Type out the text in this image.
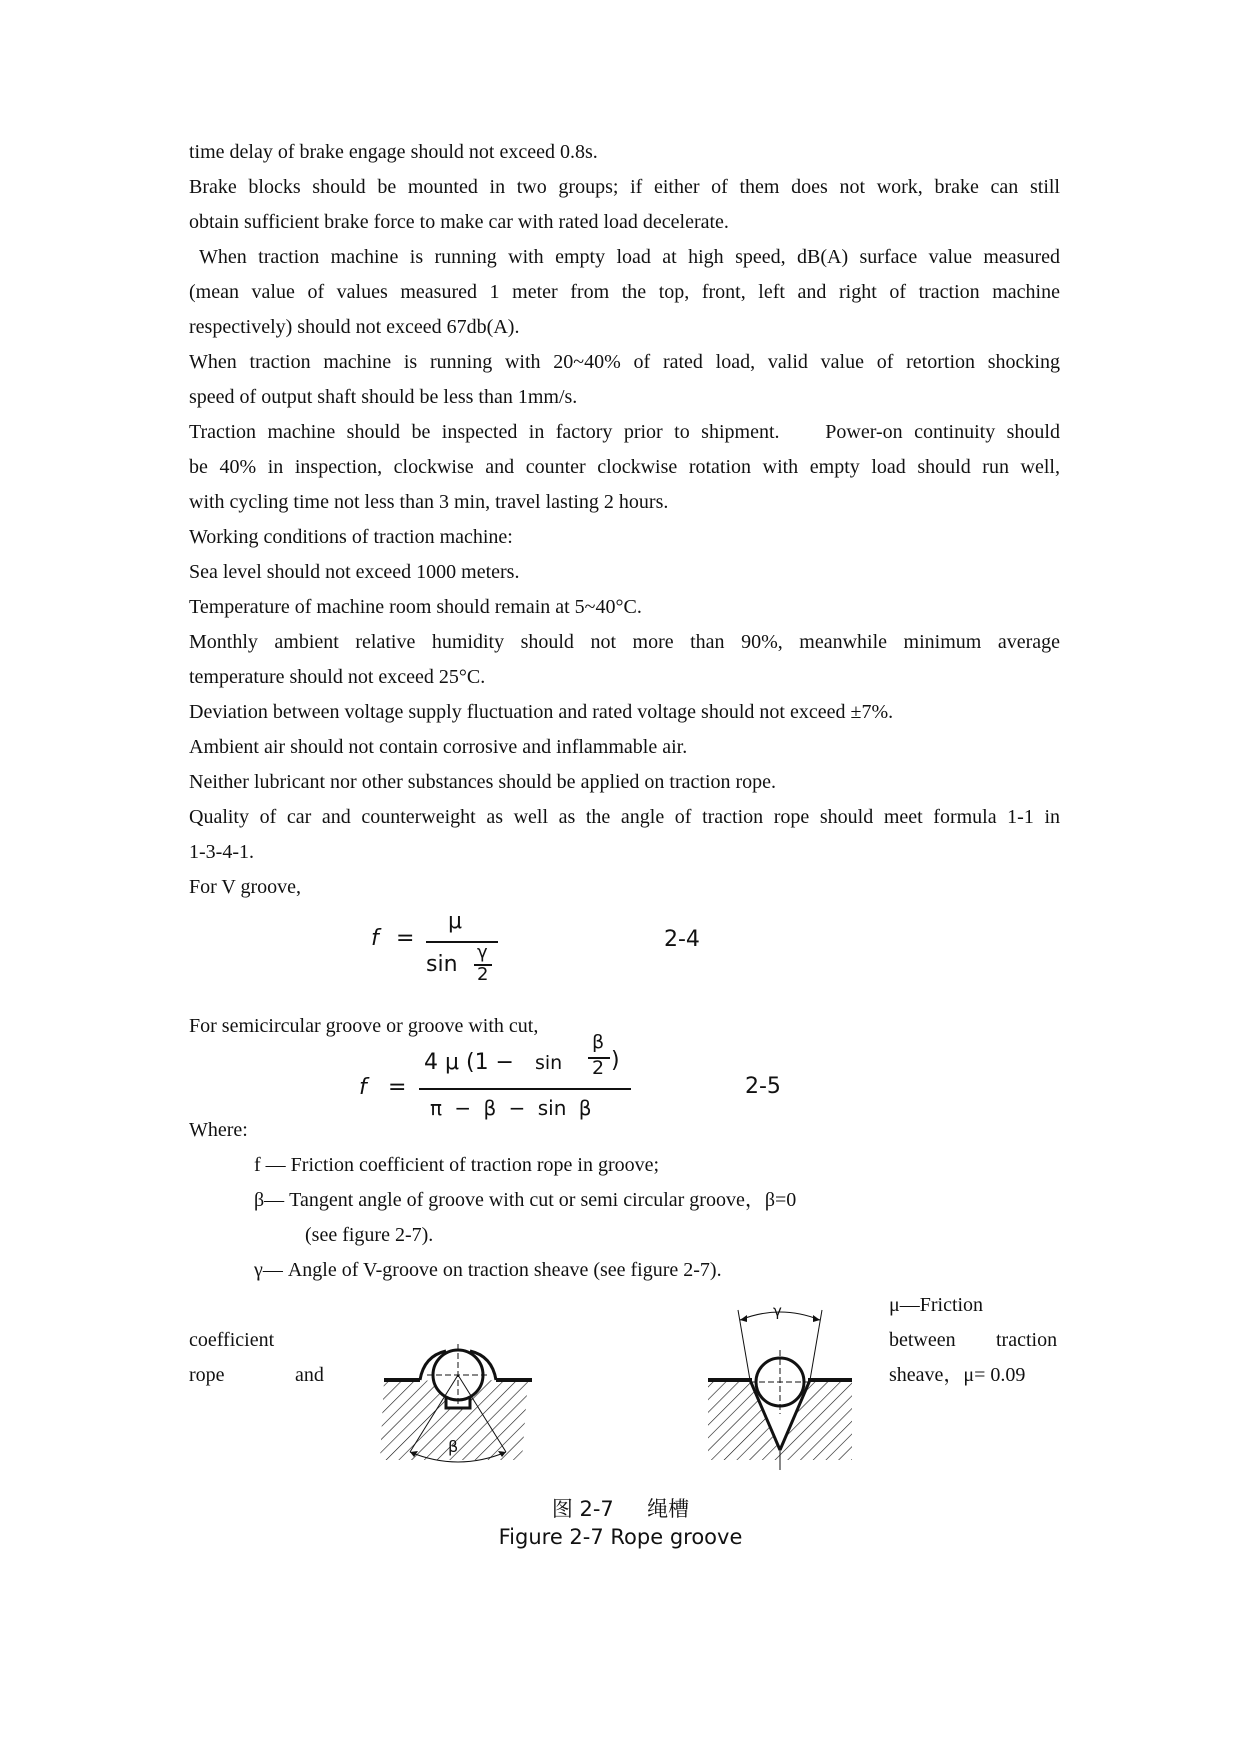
time delay of brake engage should not exceed 0.8s.
Brake blocks should be mounted in two groups; if either of them does not work, brake can still
obtain sufficient brake force to make car with rated load decelerate.
When traction machine is running with empty load at high speed, dB(A) surface value measured
(mean value of values measured 1 meter from the top, front, left and right of traction machine
respectively) should not exceed 67db(A).
When traction machine is running with 20~40% of rated load, valid value of retortion shocking
speed of output shaft should be less than 1mm/s.
Traction machine should be inspected in factory prior to shipment.    Power-on continuity should
be 40% in inspection, clockwise and counter clockwise rotation with empty load should run well,
with cycling time not less than 3 min, travel lasting 2 hours.
Working conditions of traction machine:
Sea level should not exceed 1000 meters.
Temperature of machine room should remain at 5~40°C.
Monthly ambient relative humidity should not more than 90%, meanwhile minimum average
temperature should not exceed 25°C.
Deviation between voltage supply fluctuation and rated voltage should not exceed ±7%.
Ambient air should not contain corrosive and inflammable air.
Neither lubricant nor other substances should be applied on traction rope.
Quality of car and counterweight as well as the angle of traction rope should meet formula 1-1 in
1-3-4-1.
For V groove,
f =
μ
sin γ
2
2-4
For semicircular groove or groove with cut,
f =
4 μ (1 − sin
β
2 )
π − β − sin β
2-5
Where:
f — Friction coefficient of traction rope in groove;
β— Tangent angle of groove with cut or semi circular groove，β=0
(see figure 2-7).
γ— Angle of V-groove on traction sheave (see figure 2-7).
μ—Friction
coefficient	between traction
rope	and	sheave，μ= 0.09
β
γ
图 2-7     绳槽
Figure 2-7 Rope groove
